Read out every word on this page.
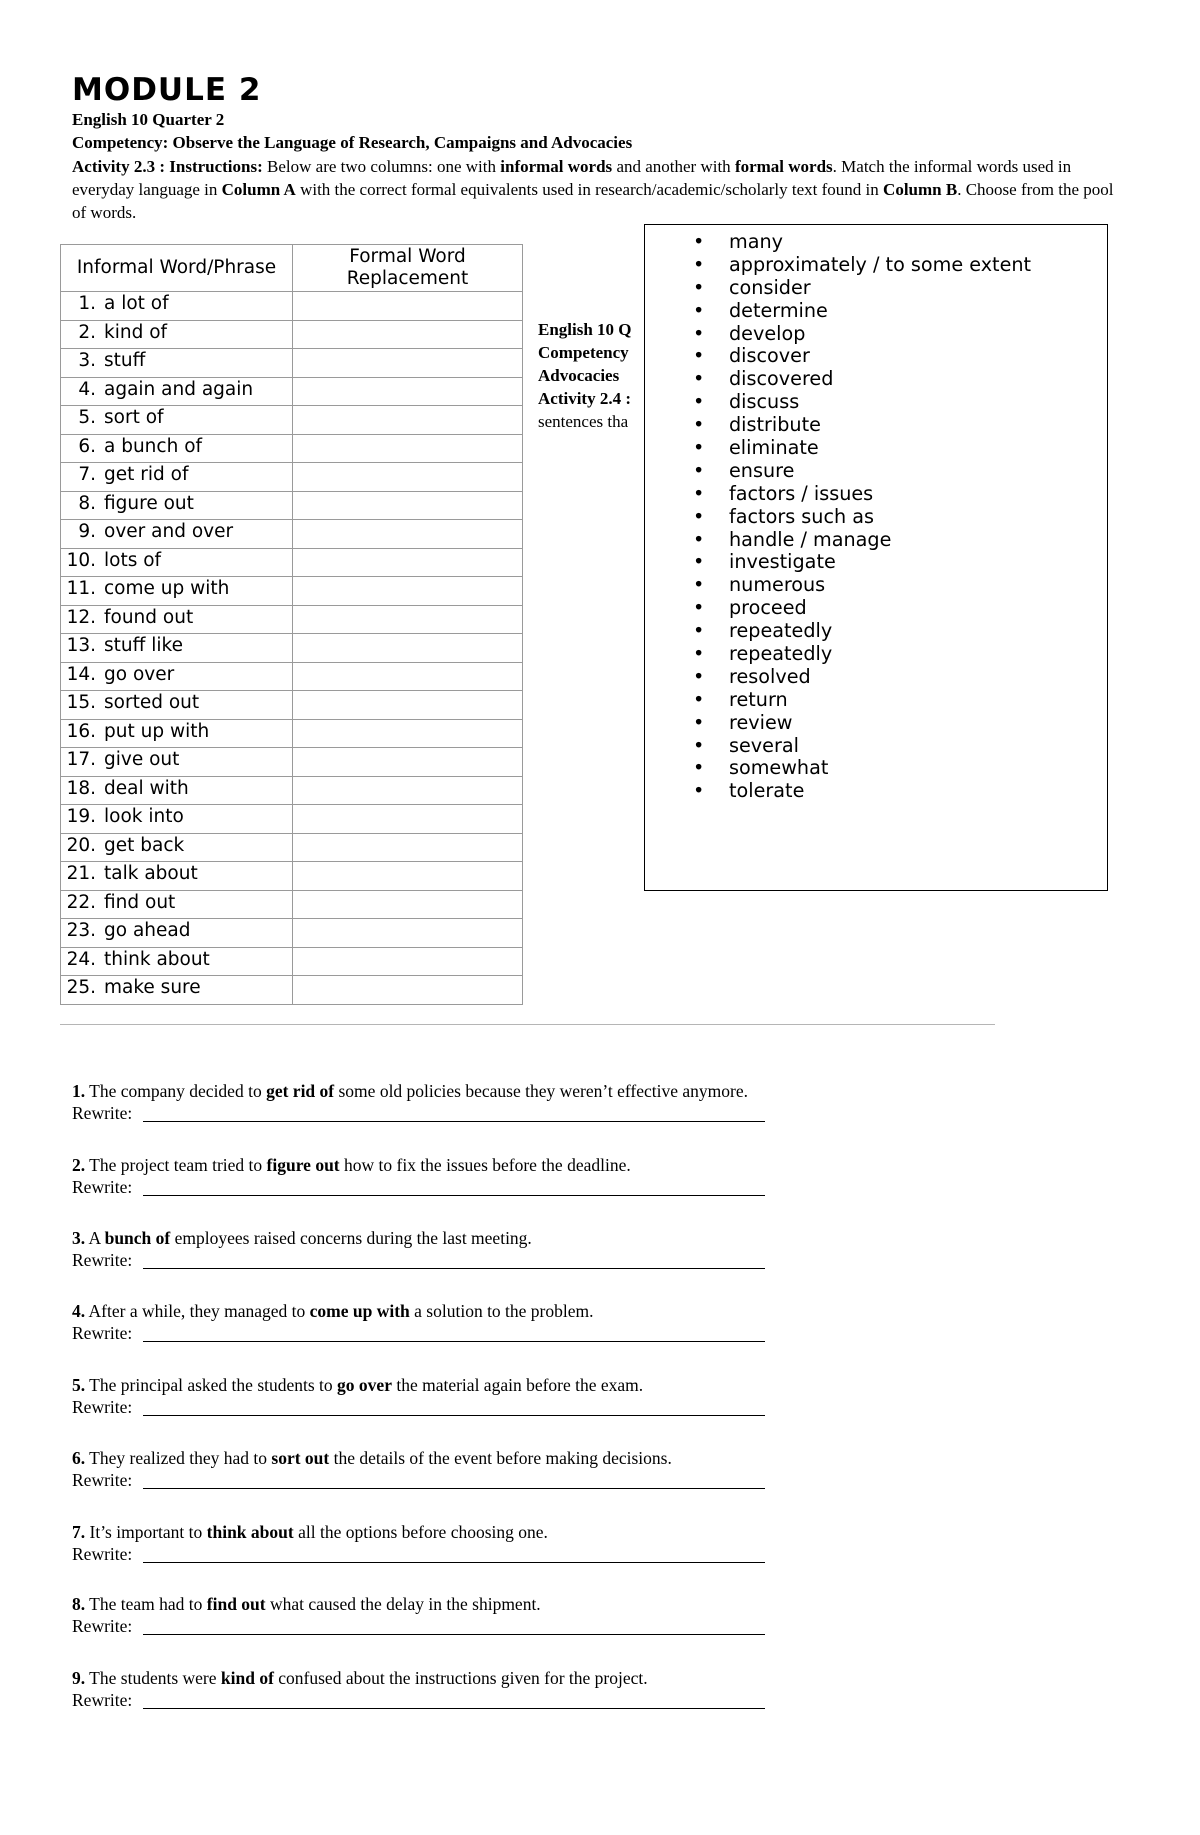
MODULE 2
English 10 Quarter 2
Competency: Observe the Language of Research, Campaigns and Advocacies
Activity 2.3 : Instructions: Below are two columns: one with informal words and another with formal words. Match the informal words used in everyday language in Column A with the correct formal equivalents used in research/academic/scholarly text found in Column B. Choose from the pool of words.
Informal Word/Phrase	Formal Word Replacement
1. a lot of	
2. kind of	
3. stuff	
4. again and again	
5. sort of	
6. a bunch of	
7. get rid of	
8. figure out	
9. over and over	
10. lots of	
11. come up with	
12. found out	
13. stuff like	
14. go over	
15. sorted out	
16. put up with	
17. give out	
18. deal with	
19. look into	
20. get back	
21. talk about	
22. find out	
23. go ahead	
24. think about	
25. make sure	
English 10 Q
Competency
Advocacies
Activity 2.4 :
sentences tha
• many
• approximately / to some extent
• consider
• determine
• develop
• discover
• discovered
• discuss
• distribute
• eliminate
• ensure
• factors / issues
• factors such as
• handle / manage
• investigate
• numerous
• proceed
• repeatedly
• repeatedly
• resolved
• return
• review
• several
• somewhat
• tolerate
1. The company decided to get rid of some old policies because they weren’t effective anymore.
Rewrite:
2. The project team tried to figure out how to fix the issues before the deadline.
Rewrite:
3. A bunch of employees raised concerns during the last meeting.
Rewrite:
4. After a while, they managed to come up with a solution to the problem.
Rewrite:
5. The principal asked the students to go over the material again before the exam.
Rewrite:
6. They realized they had to sort out the details of the event before making decisions.
Rewrite:
7. It’s important to think about all the options before choosing one.
Rewrite:
8. The team had to find out what caused the delay in the shipment.
Rewrite:
9. The students were kind of confused about the instructions given for the project.
Rewrite:
